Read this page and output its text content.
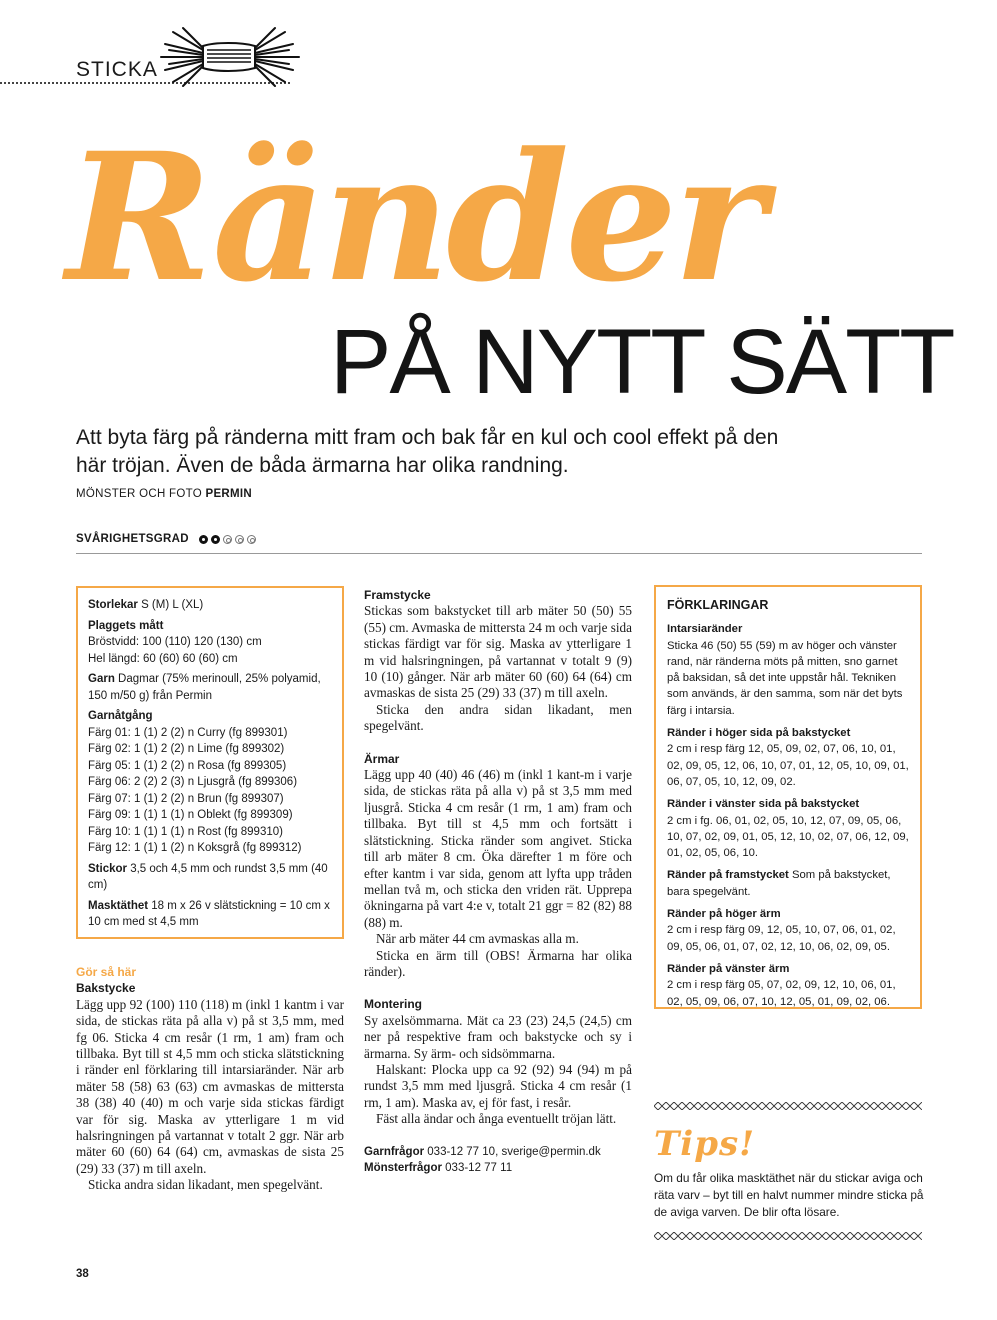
STICKA
Ränder
PÅ NYTT SÄTT
Att byta färg på ränderna mitt fram och bak får en kul och cool effekt på den här tröjan. Även de båda ärmarna har olika randning.
MÖNSTER OCH FOTO PERMIN
SVÅRIGHETSGRAD

Storlekar S (M) L (XL)

Plaggets mått

Bröstvidd: 100 (110) 120 (130) cm

Hel längd: 60 (60) 60 (60) cm

Garn Dagmar (75% merinoull, 25% polyamid, 150 m/50 g) från Permin

Garnåtgång

Färg 01: 1 (1) 2 (2) n Curry (fg 899301)

Färg 02: 1 (1) 2 (2) n Lime (fg 899302)

Färg 05: 1 (1) 2 (2) n Rosa (fg 899305)

Färg 06: 2 (2) 2 (3) n Ljusgrå (fg 899306)

Färg 07: 1 (1) 2 (2) n Brun (fg 899307)

Färg 09: 1 (1) 1 (1) n Oblekt (fg 899309)

Färg 10: 1 (1) 1 (1) n Rost (fg 899310)

Färg 12: 1 (1) 1 (2) n Koksgrå (fg 899312)

Stickor 3,5 och 4,5 mm och rundst 3,5 mm (40 cm)

Masktäthet 18 m x 26 v slätstickning = 10 cm x 10 cm med st 4,5 mm

Gör så här

Bakstycke

Lägg upp 92 (100) 110 (118) m (inkl 1 kantm i var sida, de stickas räta på alla v) på st 3,5 mm, med fg 06. Sticka 4 cm resår (1 rm, 1 am) fram och tillbaka. Byt till st 4,5 mm och sticka slätstickning i ränder enl förklaring till intarsiaränder. När arb mäter 58 (58) 63 (63) cm avmaskas de mittersta 38 (38) 40 (40) m och varje sida stickas färdigt var för sig. Maska av ytterligare 1 m vid halsringningen på vartannat v totalt 2 ggr. När arb mäter 60 (60) 64 (64) cm, avmaskas de sista 25 (29) 33 (37) m till axeln.

Sticka andra sidan likadant, men spegelvänt.

Framstycke

Stickas som bakstycket till arb mäter 50 (50) 55 (55) cm. Avmaska de mittersta 24 m och varje sida stickas färdigt var för sig. Maska av ytterligare 1 m vid halsringningen, på vartannat v totalt 9 (9) 10 (10) gånger. När arb mäter 60 (60) 64 (64) cm avmaskas de sista 25 (29) 33 (37) m till axeln.

Sticka den andra sidan likadant, men spegelvänt.

Ärmar

Lägg upp 40 (40) 46 (46) m (inkl 1 kant-m i varje sida, de stickas räta på alla v) på st 3,5 mm med ljusgrå. Sticka 4 cm resår (1 rm, 1 am) fram och tillbaka. Byt till st 4,5 mm och fortsätt i slätstickning. Sticka ränder som angivet. Sticka till arb mäter 8 cm. Öka därefter 1 m före och efter kantm i var sida, genom att lyfta upp tråden mellan två m, och sticka den vriden rät. Upprepa ökningarna på vart 4:e v, totalt 21 ggr = 82 (82) 88 (88) m.

När arb mäter 44 cm avmaskas alla m.

Sticka en ärm till (OBS! Ärmarna har olika ränder).

Montering

Sy axelsömmarna. Mät ca 23 (23) 24,5 (24,5) cm ner på respektive fram och bakstycke och sy i ärmarna. Sy ärm- och sidsömmarna.

Halskant: Plocka upp ca 92 (92) 94 (94) m på rundst 3,5 mm med ljusgrå. Sticka 4 cm resår (1 rm, 1 am). Maska av, ej för fast, i resår.

Fäst alla ändar och ånga eventuellt tröjan lätt.

Garnfrågor 033-12 77 10, sverige@permin.dk
Mönsterfrågor 033-12 77 11

FÖRKLARINGAR

Intarsiaränder

Sticka 46 (50) 55 (59) m av höger och vänster rand, när ränderna möts på mitten, sno garnet på baksidan, så det inte uppstår hål. Tekniken som används, är den samma, som när det byts färg i intarsia.

Ränder i höger sida på bakstycket

2 cm i resp färg 12, 05, 09, 02, 07, 06, 10, 01, 02, 09, 05, 12, 06, 10, 07, 01, 12, 05, 10, 09, 01, 06, 07, 05, 10, 12, 09, 02.

Ränder i vänster sida på bakstycket

2 cm i fg. 06, 01, 02, 05, 10, 12, 07, 09, 05, 06, 10, 07, 02, 09, 01, 05, 12, 10, 02, 07, 06, 12, 09, 01, 02, 05, 06, 10.

Ränder på framstycket Som på bakstycket, bara spegelvänt.

Ränder på höger ärm

2 cm i resp färg 09, 12, 05, 10, 07, 06, 01, 02, 09, 05, 06, 01, 07, 02, 12, 10, 06, 02, 09, 05.

Ränder på vänster ärm

2 cm i resp färg 05, 07, 02, 09, 12, 10, 06, 01, 02, 05, 09, 06, 07, 10, 12, 05, 01, 09, 02, 06.

Tips!
Om du får olika masktäthet när du stickar aviga och räta varv – byt till en halvt nummer mindre sticka på de aviga varven. De blir ofta lösare.
38
